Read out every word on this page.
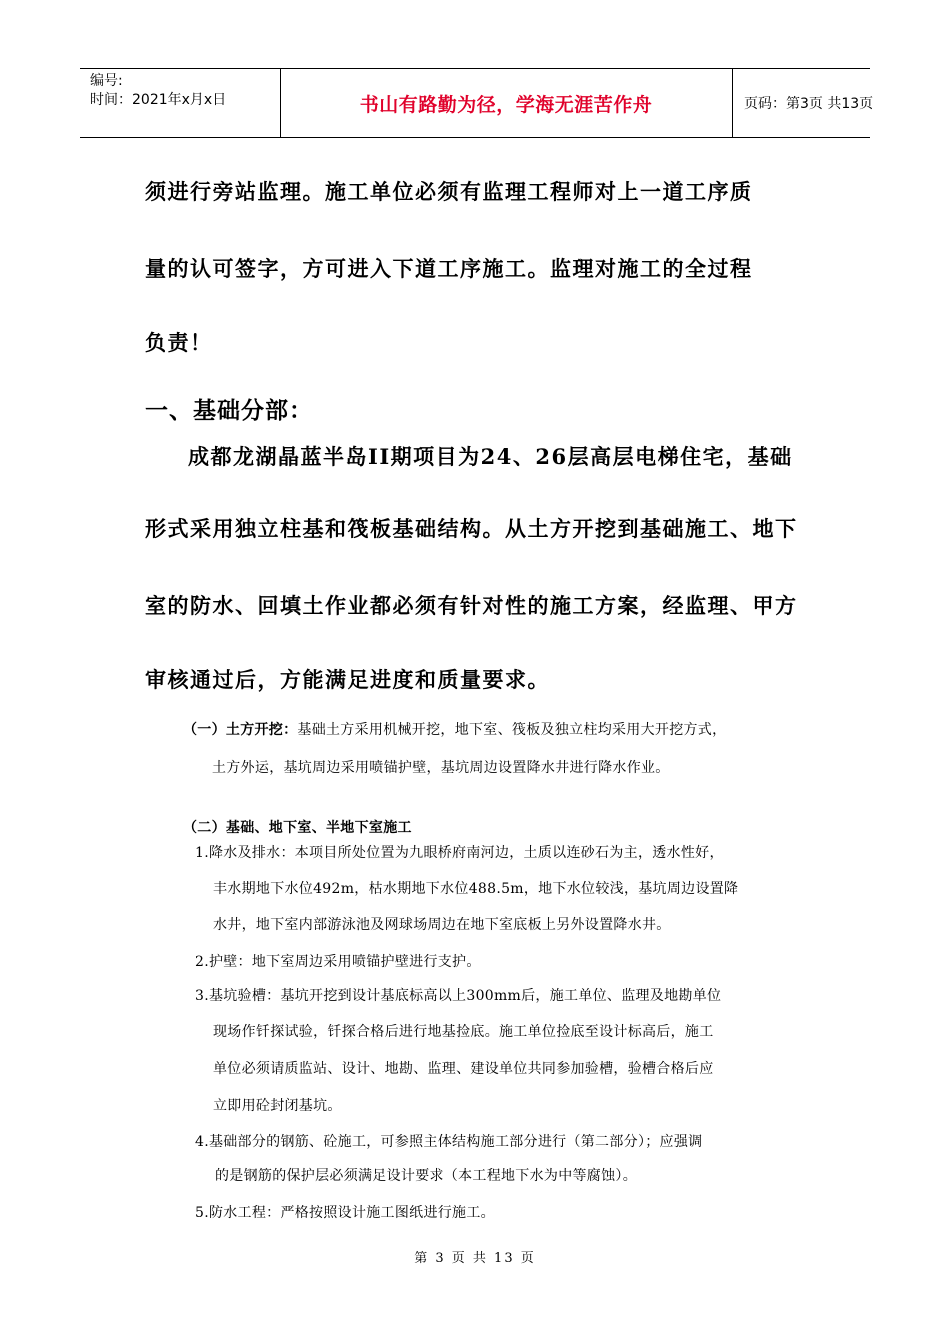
编号:
时间：2021年x月x日	书山有路勤为径，学海无涯苦作舟	页码：第3页 共13页
须进行旁站监理。施工单位必须有监理工程师对上一道工序质
量的认可签字，方可进入下道工序施工。监理对施工的全过程
负责！
一、基础分部：
成都龙湖晶蓝半岛II期项目为24、26层高层电梯住宅，基础
形式采用独立柱基和筏板基础结构。从土方开挖到基础施工、地下
室的防水、回填土作业都必须有针对性的施工方案，经监理、甲方
审核通过后，方能满足进度和质量要求。
（一）土方开挖：基础土方采用机械开挖，地下室、筏板及独立柱均采用大开挖方式，
土方外运，基坑周边采用喷锚护壁，基坑周边设置降水井进行降水作业。
（二）基础、地下室、半地下室施工
1.降水及排水：本项目所处位置为九眼桥府南河边，土质以连砂石为主，透水性好，
丰水期地下水位492m，枯水期地下水位488.5m，地下水位较浅，基坑周边设置降
水井，地下室内部游泳池及网球场周边在地下室底板上另外设置降水井。
2.护壁：地下室周边采用喷锚护壁进行支护。
3.基坑验槽：基坑开挖到设计基底标高以上300mm后，施工单位、监理及地勘单位
现场作钎探试验，钎探合格后进行地基捡底。施工单位捡底至设计标高后，施工
单位必须请质监站、设计、地勘、监理、建设单位共同参加验槽，验槽合格后应
立即用砼封闭基坑。
4.基础部分的钢筋、砼施工，可参照主体结构施工部分进行（第二部分）；应强调
的是钢筋的保护层必须满足设计要求（本工程地下水为中等腐蚀）。
5.防水工程：严格按照设计施工图纸进行施工。
第 3 页 共 13 页
